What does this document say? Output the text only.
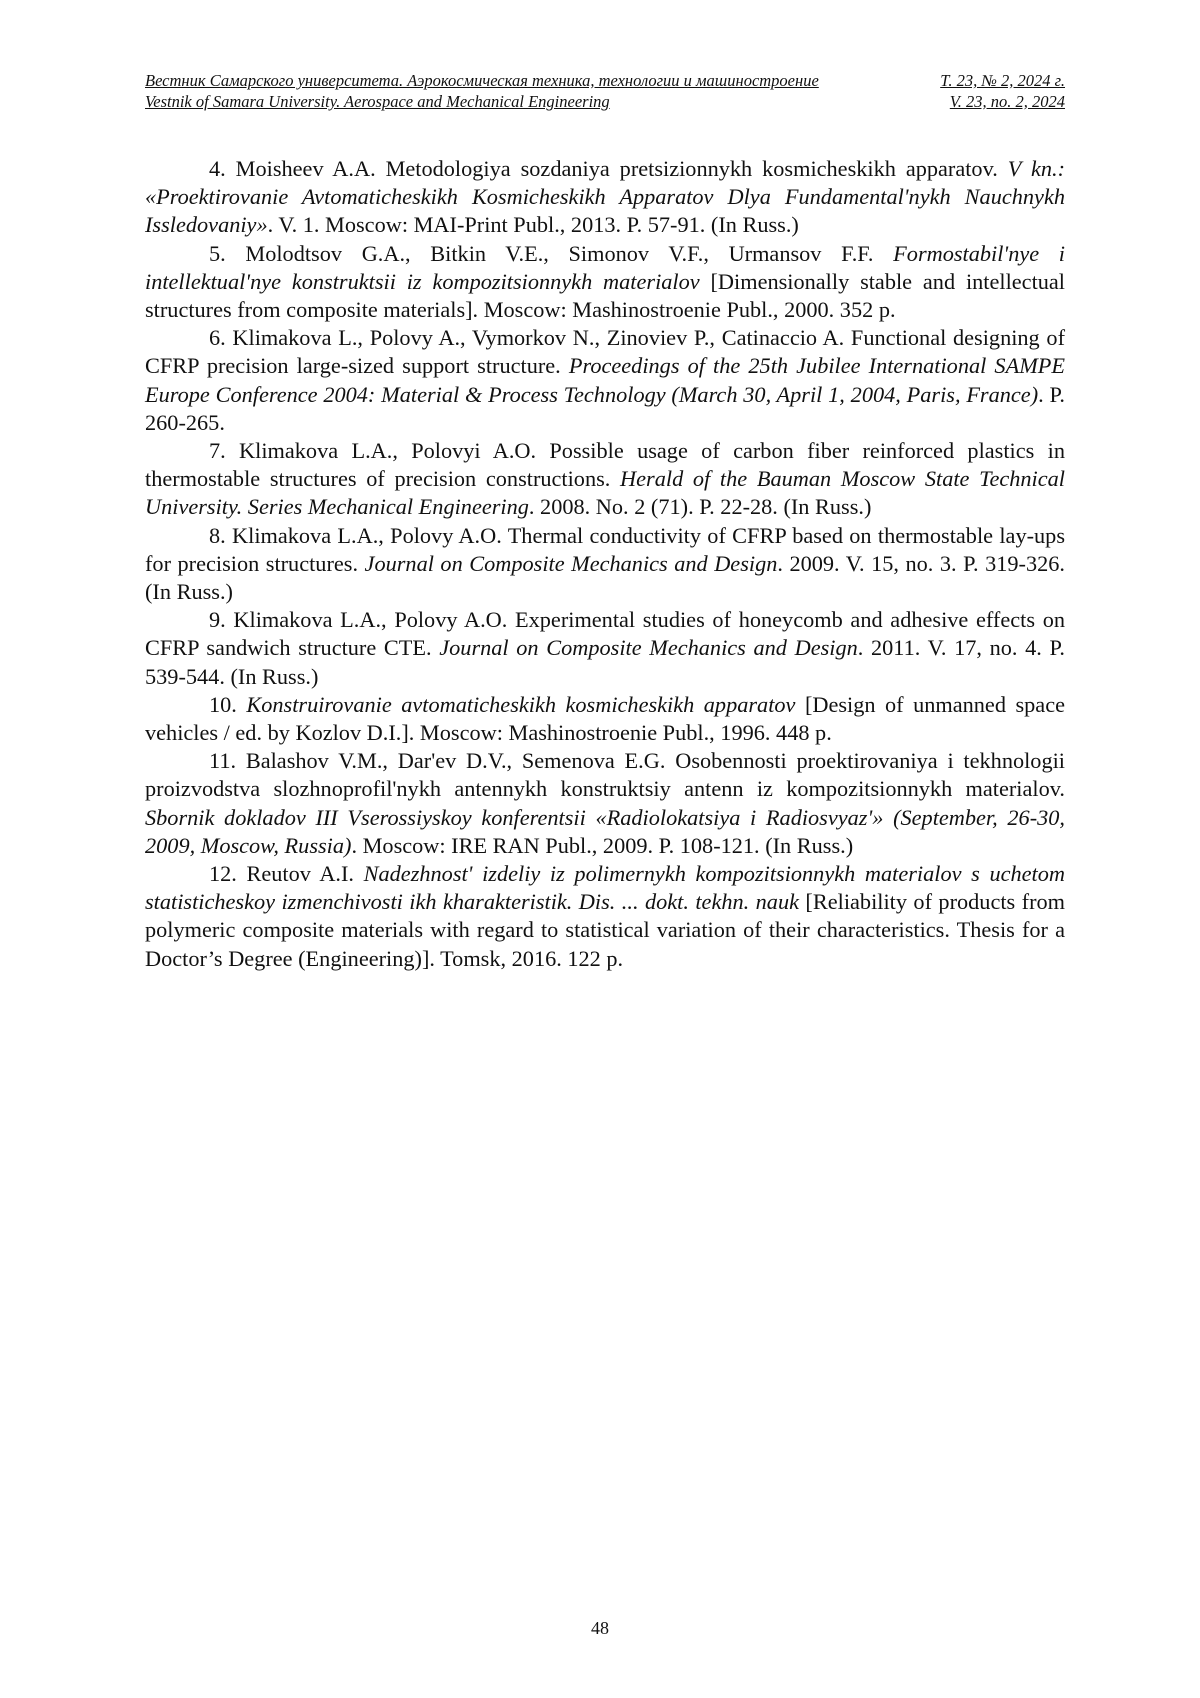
Вестник Самарского университета. Аэрокосмическая техника, технологии и машиностроение	Т. 23, № 2, 2024 г.
Vestnik of Samara University. Aerospace and Mechanical Engineering	V. 23, no. 2, 2024

4. Moisheev A.A. Metodologiya sozdaniya pretsizionnykh kosmicheskikh apparatov. V kn.: «Proektirovanie Avtomaticheskikh Kosmicheskikh Apparatov Dlya Fundamental'nykh Nauchnykh Issledovaniy». V. 1. Moscow: MAI-Print Publ., 2013. P. 57-91. (In Russ.)

5. Molodtsov G.A., Bitkin V.E., Simonov V.F., Urmansov F.F. Formostabil'nye i intellektual'nye konstruktsii iz kompozitsionnykh materialov [Dimensionally stable and intellectual structures from composite materials]. Moscow: Mashinostroenie Publ., 2000. 352 p.

6. Klimakova L., Polovy A., Vymorkov N., Zinoviev P., Catinaccio A. Functional designing of CFRP precision large-sized support structure. Proceedings of the 25th Jubilee International SAMPE Europe Conference 2004: Material & Process Technology (March 30, April 1, 2004, Paris, France). P. 260-265.

7. Klimakova L.A., Polovyi A.O. Possible usage of carbon fiber reinforced plastics in thermostable structures of precision constructions. Herald of the Bauman Moscow State Technical University. Series Mechanical Engineering. 2008. No. 2 (71). P. 22-28. (In Russ.)

8. Klimakova L.A., Polovy A.O. Thermal conductivity of CFRP based on thermostable lay-ups for precision structures. Journal on Composite Mechanics and Design. 2009. V. 15, no. 3. P. 319-326. (In Russ.)

9. Klimakova L.A., Polovy A.O. Experimental studies of honeycomb and adhesive effects on CFRP sandwich structure CTE. Journal on Composite Mechanics and Design. 2011. V. 17, no. 4. P. 539-544. (In Russ.)

10. Konstruirovanie avtomaticheskikh kosmicheskikh apparatov [Design of unmanned space vehicles / ed. by Kozlov D.I.]. Moscow: Mashinostroenie Publ., 1996. 448 p.

11. Balashov V.M., Dar'ev D.V., Semenova E.G. Osobennosti proektirovaniya i tekhnologii proizvodstva slozhnoprofil'nykh antennykh konstruktsiy antenn iz kompozitsionnykh materialov. Sbornik dokladov III Vserossiyskoy konferentsii «Radiolokatsiya i Radiosvyaz'» (September, 26-30, 2009, Moscow, Russia). Moscow: IRE RAN Publ., 2009. P. 108-121. (In Russ.)

12. Reutov A.I. Nadezhnost' izdeliy iz polimernykh kompozitsionnykh materialov s uchetom statisticheskoy izmenchivosti ikh kharakteristik. Dis. ... dokt. tekhn. nauk [Reliability of products from polymeric composite materials with regard to statistical variation of their characteristics. Thesis for a Doctor’s Degree (Engineering)]. Tomsk, 2016. 122 p.

48
